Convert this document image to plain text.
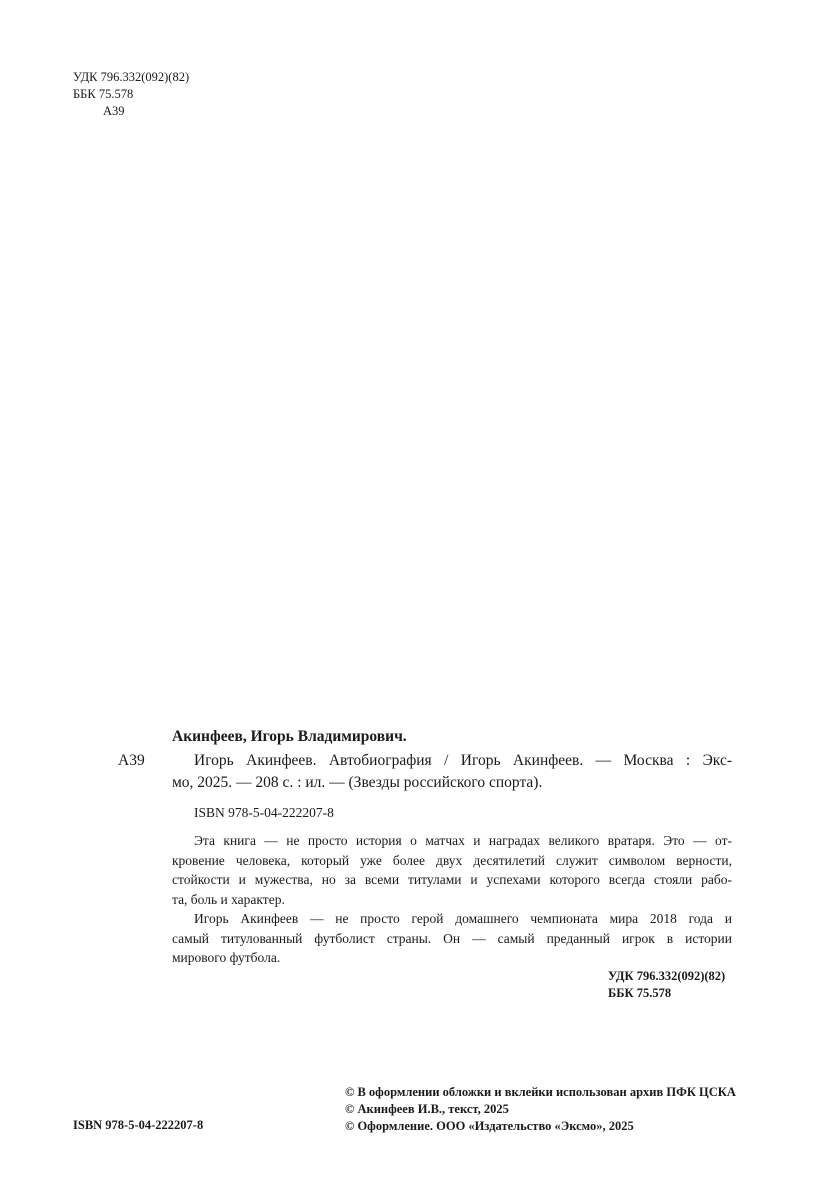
УДК 796.332(092)(82)
ББК 75.578
А39
Акинфеев, Игорь Владимирович.
А39	Игорь Акинфеев. Автобиография / Игорь Акинфеев. — Москва : Экс-
мо, 2025. — 208 с. : ил. — (Звезды российского спорта).
ISBN 978-5-04-222207-8
Эта книга — не просто история о матчах и наградах великого вратаря. Это — от-
кровение человека, который уже более двух десятилетий служит символом верности,
стойкости и мужества, но за всеми титулами и успехами которого всегда стояли рабо-
та, боль и характер.
Игорь Акинфеев — не просто герой домашнего чемпионата мира 2018 года и
самый титулованный футболист страны. Он — самый преданный игрок в истории
мирового футбола.
УДК 796.332(092)(82)
ББК 75.578
ISBN 978-5-04-222207-8
© В оформлении обложки и вклейки использован архив ПФК ЦСКА
© Акинфеев И.В., текст, 2025
© Оформление. ООО «Издательство «Эксмо», 2025
